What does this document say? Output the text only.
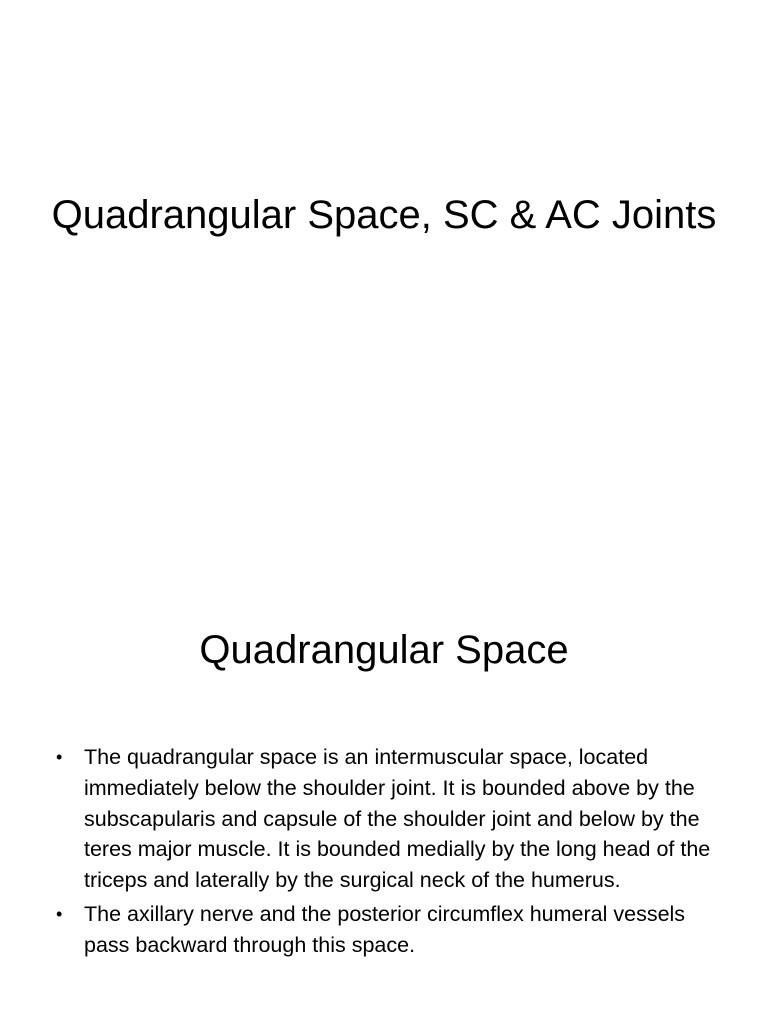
Quadrangular Space, SC & AC Joints
Quadrangular Space
• The quadrangular space is an intermuscular space, located immediately below the shoulder joint. It is bounded above by the subscapularis and capsule of the shoulder joint and below by the teres major muscle. It is bounded medially by the long head of the triceps and laterally by the surgical neck of the humerus.
• The axillary nerve and the posterior circumflex humeral vessels pass backward through this space.
